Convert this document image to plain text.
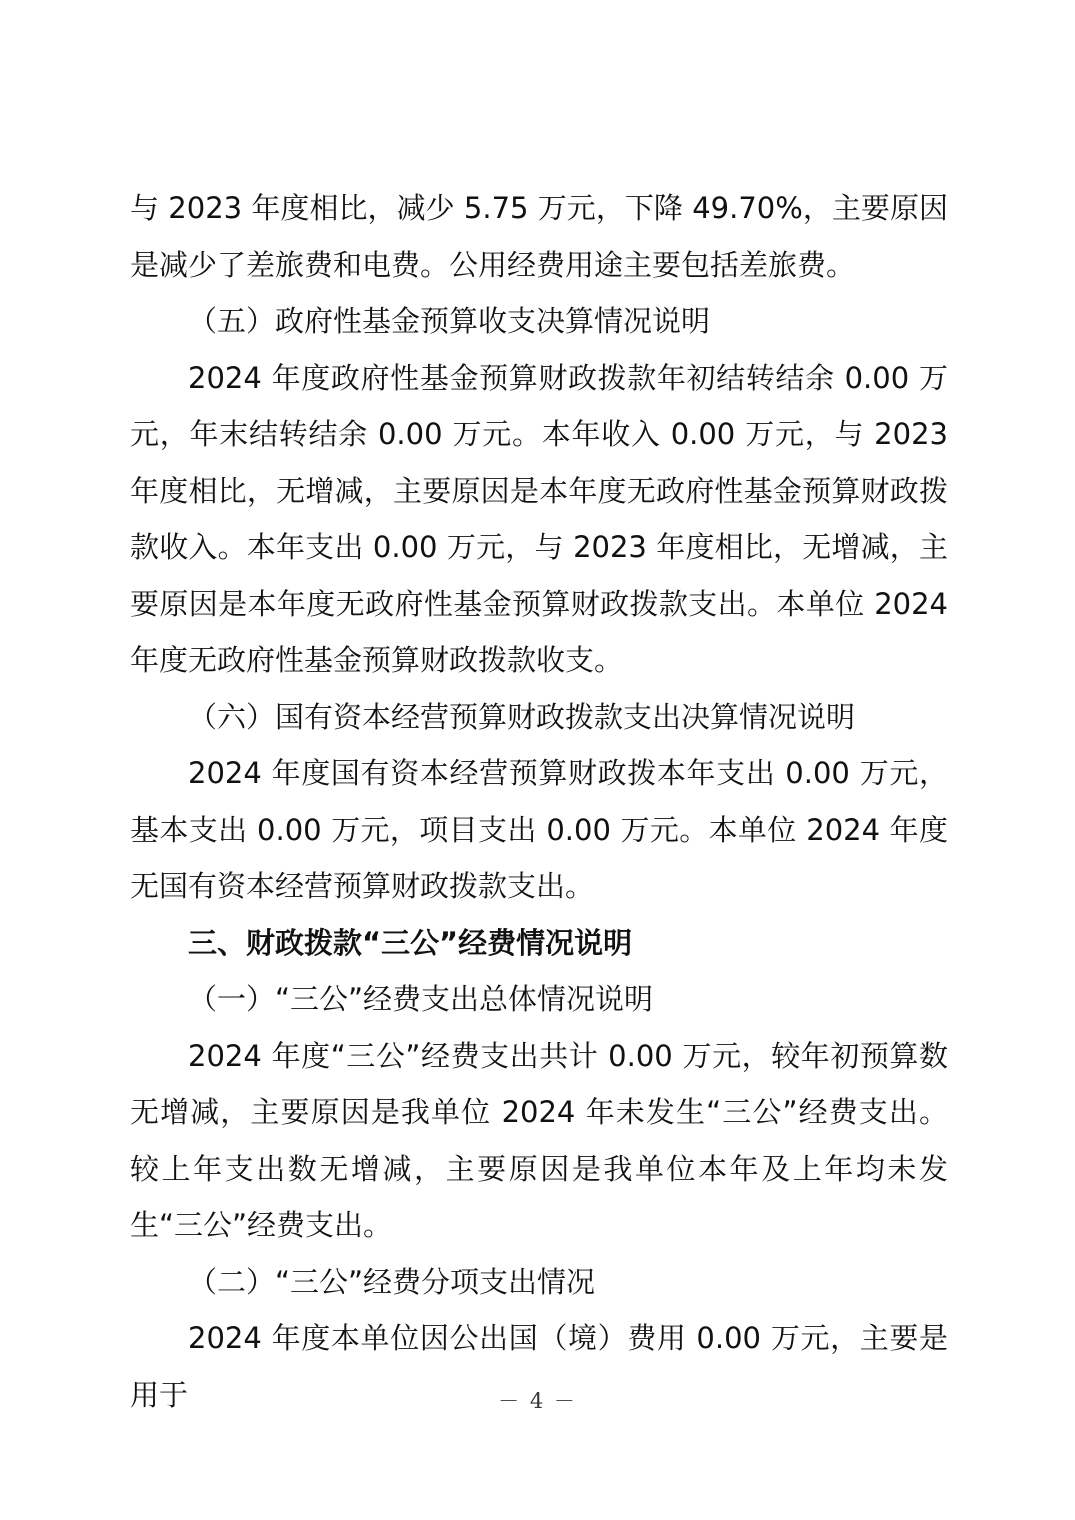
与 2023 年度相比，减少 5.75 万元，下降 49.70%，主要原因是减少了差旅费和电费。公用经费用途主要包括差旅费。

（五）政府性基金预算收支决算情况说明

2024 年度政府性基金预算财政拨款年初结转结余 0.00 万元，年末结转结余 0.00 万元。本年收入 0.00 万元，与 2023 年度相比，无增减，主要原因是本年度无政府性基金预算财政拨款收入。本年支出 0.00 万元，与 2023 年度相比，无增减，主要原因是本年度无政府性基金预算财政拨款支出。本单位 2024 年度无政府性基金预算财政拨款收支。

（六）国有资本经营预算财政拨款支出决算情况说明

2024 年度国有资本经营预算财政拨本年支出 0.00 万元，基本支出 0.00 万元，项目支出 0.00 万元。本单位 2024 年度无国有资本经营预算财政拨款支出。

三、财政拨款“三公”经费情况说明

（一）“三公”经费支出总体情况说明

2024 年度“三公”经费支出共计 0.00 万元，较年初预算数无增减，主要原因是我单位 2024 年未发生“三公”经费支出。较上年支出数无增减，主要原因是我单位本年及上年均未发生“三公”经费支出。

（二）“三公”经费分项支出情况

2024 年度本单位因公出国（境）费用 0.00 万元，主要是用于	－ 4 －
